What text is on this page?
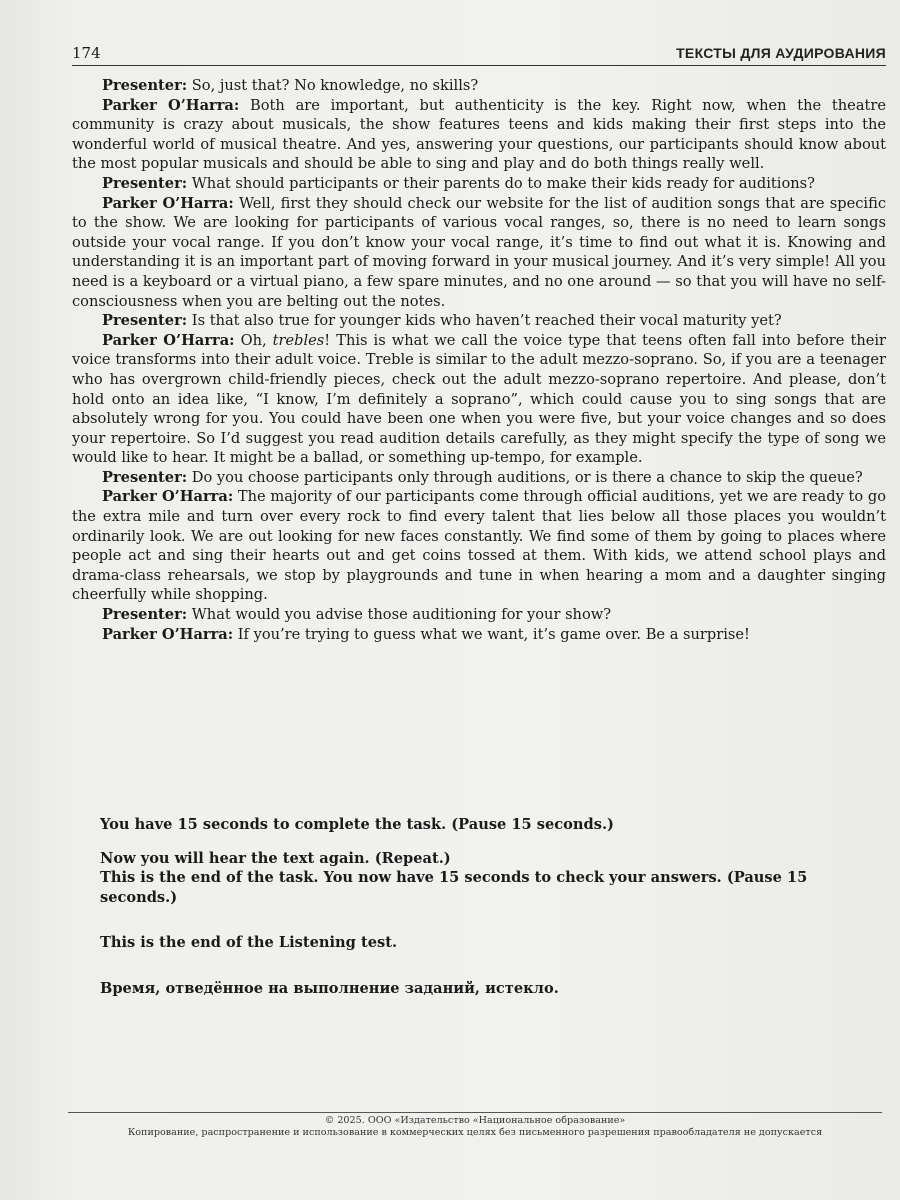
174	ТЕКСТЫ ДЛЯ АУДИРОВАНИЯ

Presenter: So, just that? No knowledge, no skills?

Parker O’Harra: Both are important, but authenticity is the key. Right now, when the theatre community is crazy about musicals, the show features teens and kids making their first steps into the wonderful world of musical theatre. And yes, answering your questions, our participants should know about the most popular musicals and should be able to sing and play and do both things really well.

Presenter: What should participants or their parents do to make their kids ready for auditions?

Parker O’Harra: Well, first they should check our website for the list of audition songs that are specific to the show. We are looking for participants of various vocal ranges, so, there is no need to learn songs outside your vocal range. If you don’t know your vocal range, it’s time to find out what it is. Knowing and understanding it is an important part of moving forward in your musical journey. And it’s very simple! All you need is a keyboard or a virtual piano, a few spare minutes, and no one around — so that you will have no self-consciousness when you are belting out the notes.

Presenter: Is that also true for younger kids who haven’t reached their vocal maturity yet?

Parker O’Harra: Oh, trebles! This is what we call the voice type that teens often fall into before their voice transforms into their adult voice. Treble is similar to the adult mezzo-soprano. So, if you are a teenager who has overgrown child-friendly pieces, check out the adult mezzo-soprano repertoire. And please, don’t hold onto an idea like, “I know, I’m definitely a soprano”, which could cause you to sing songs that are absolutely wrong for you. You could have been one when you were five, but your voice changes and so does your repertoire. So I’d suggest you read audition details carefully, as they might specify the type of song we would like to hear. It might be a ballad, or something up-tempo, for example.

Presenter: Do you choose participants only through auditions, or is there a chance to skip the queue?

Parker O’Harra: The majority of our participants come through official auditions, yet we are ready to go the extra mile and turn over every rock to find every talent that lies below all those places you wouldn’t ordinarily look. We are out looking for new faces constantly. We find some of them by going to places where people act and sing their hearts out and get coins tossed at them. With kids, we attend school plays and drama-class rehearsals, we stop by playgrounds and tune in when hearing a mom and a daughter singing cheerfully while shopping.

Presenter: What would you advise those auditioning for your show?

Parker O’Harra: If you’re trying to guess what we want, it’s game over. Be a surprise!

You have 15 seconds to complete the task. (Pause 15 seconds.)

Now you will hear the text again. (Repeat.)

This is the end of the task. You now have 15 seconds to check your answers. (Pause 15 seconds.)

This is the end of the Listening test.

Время, отведённое на выполнение заданий, истекло.

© 2025. ООО «Издательство «Национальное образование»

Копирование, распространение и использование в коммерческих целях без письменного разрешения правообладателя не допускается
